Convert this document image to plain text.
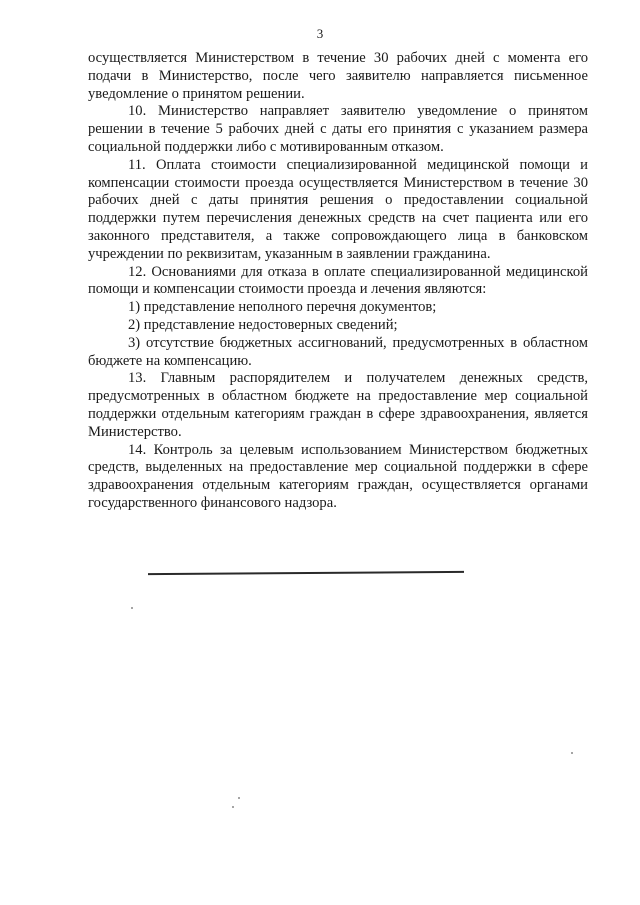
3

осуществляется Министерством в течение 30 рабочих дней с момента его подачи в Министерство, после чего заявителю направляется письменное уведомление о принятом решении.

10. Министерство направляет заявителю уведомление о принятом решении в течение 5 рабочих дней с даты его принятия с указанием размера социальной поддержки либо с мотивированным отказом.

11. Оплата стоимости специализированной медицинской помощи и компенсации стоимости проезда осуществляется Министерством в течение 30 рабочих дней с даты принятия решения о предоставлении социальной поддержки путем перечисления денежных средств на счет пациента или его законного представителя, а также сопровождающего лица в банковском учреждении по реквизитам, указанным в заявлении гражданина.

12. Основаниями для отказа в оплате специализированной медицинской помощи и компенсации стоимости проезда и лечения являются:

1) представление неполного перечня документов;

2) представление недостоверных сведений;

3) отсутствие бюджетных ассигнований, предусмотренных в областном бюджете на компенсацию.

13. Главным распорядителем и получателем денежных средств, предусмотренных в областном бюджете на предоставление мер социальной поддержки отдельным категориям граждан в сфере здравоохранения, является Министерство.

14. Контроль за целевым использованием Министерством бюджетных средств, выделенных на предоставление мер социальной поддержки в сфере здравоохранения отдельным категориям граждан, осуществляется органами государственного финансового надзора.
